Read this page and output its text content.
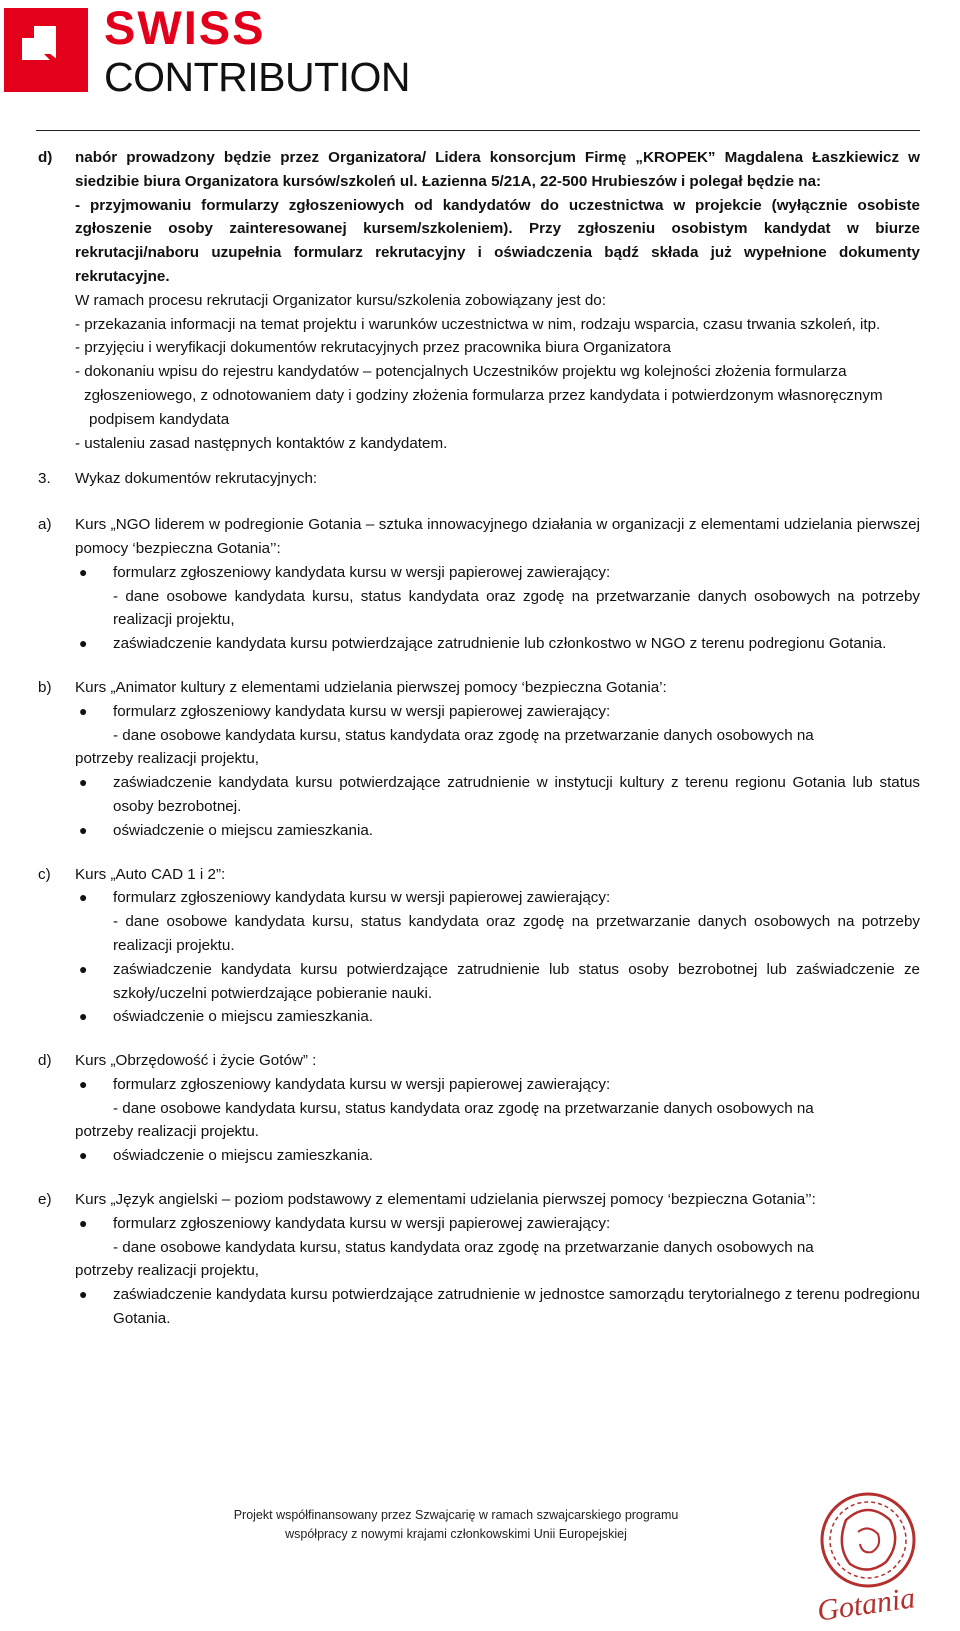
SWISS
CONTRIBUTION
d) nabór prowadzony będzie przez Organizatora/ Lidera konsorcjum Firmę „KROPEK” Magdalena Łaszkiewicz w siedzibie biura Organizatora kursów/szkoleń ul. Łazienna 5/21A, 22-500 Hrubieszów i polegał będzie na:

- przyjmowaniu formularzy zgłoszeniowych od kandydatów do uczestnictwa w projekcie (wyłącznie osobiste zgłoszenie osoby zainteresowanej kursem/szkoleniem). Przy zgłoszeniu osobistym kandydat w biurze rekrutacji/naboru uzupełnia formularz rekrutacyjny i oświadczenia bądź składa już wypełnione dokumenty rekrutacyjne.

W ramach procesu rekrutacji Organizator kursu/szkolenia zobowiązany jest do:

- przekazania informacji na temat projektu i warunków uczestnictwa w nim, rodzaju wsparcia, czasu trwania szkoleń, itp.

- przyjęciu i weryfikacji dokumentów rekrutacyjnych przez pracownika biura Organizatora

- dokonaniu wpisu do rejestru kandydatów – potencjalnych Uczestników projektu wg kolejności złożenia formularza

zgłoszeniowego, z odnotowaniem daty i godziny złożenia formularza przez kandydata i potwierdzonym własnoręcznym

podpisem kandydata

- ustaleniu zasad następnych kontaktów z kandydatem.

3. Wykaz dokumentów rekrutacyjnych:

a) Kurs „NGO liderem w podregionie Gotania – sztuka innowacyjnego działania w organizacji z elementami udzielania pierwszej pomocy ‘bezpieczna Gotania’’:

● formularz zgłoszeniowy kandydata kursu w wersji papierowej zawierający:

- dane osobowe kandydata kursu, status kandydata oraz zgodę na przetwarzanie danych osobowych na potrzeby realizacji projektu,

● zaświadczenie kandydata kursu potwierdzające zatrudnienie lub członkostwo w NGO z terenu podregionu Gotania.

b) Kurs „Animator kultury z elementami udzielania pierwszej pomocy ‘bezpieczna Gotania’:

● formularz zgłoszeniowy kandydata kursu w wersji papierowej zawierający:

- dane osobowe kandydata kursu, status kandydata oraz zgodę na przetwarzanie danych osobowych na

potrzeby realizacji projektu,

● zaświadczenie kandydata kursu potwierdzające zatrudnienie w instytucji kultury z terenu regionu Gotania lub status osoby bezrobotnej.

● oświadczenie o miejscu zamieszkania.

c) Kurs „Auto CAD 1 i 2”:

● formularz zgłoszeniowy kandydata kursu w wersji papierowej zawierający:

- dane osobowe kandydata kursu, status kandydata oraz zgodę na przetwarzanie danych osobowych na potrzeby realizacji projektu.

● zaświadczenie kandydata kursu potwierdzające zatrudnienie lub status osoby bezrobotnej lub zaświadczenie ze szkoły/uczelni potwierdzające pobieranie nauki.

● oświadczenie o miejscu zamieszkania.

d) Kurs „Obrzędowość i życie Gotów” :

● formularz zgłoszeniowy kandydata kursu w wersji papierowej zawierający:

- dane osobowe kandydata kursu, status kandydata oraz zgodę na przetwarzanie danych osobowych na

potrzeby realizacji projektu.

● oświadczenie o miejscu zamieszkania.

e) Kurs „Język angielski – poziom podstawowy z elementami udzielania pierwszej pomocy ‘bezpieczna Gotania’’:

● formularz zgłoszeniowy kandydata kursu w wersji papierowej zawierający:

- dane osobowe kandydata kursu, status kandydata oraz zgodę na przetwarzanie danych osobowych na

potrzeby realizacji projektu,

● zaświadczenie kandydata kursu potwierdzające zatrudnienie w jednostce samorządu terytorialnego z terenu podregionu Gotania.

Projekt współfinansowany przez Szwajcarię w ramach szwajcarskiego programu
współpracy z nowymi krajami członkowskimi Unii Europejskiej
Gotania
